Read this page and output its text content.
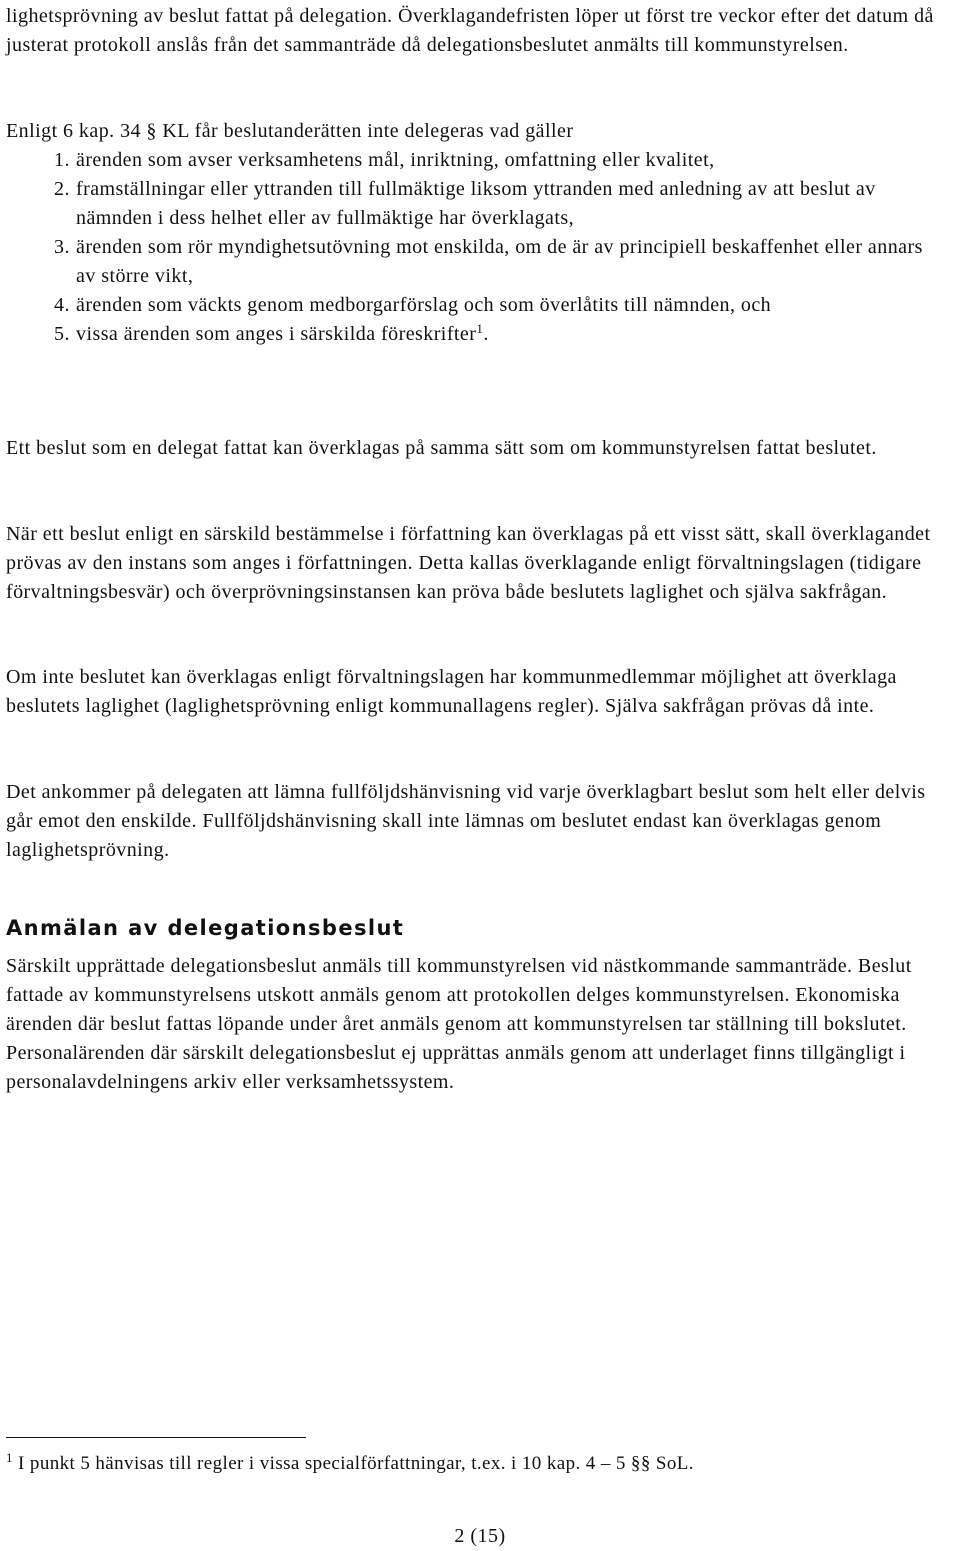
lighetsprövning av beslut fattat på delegation. Överklagandefristen löper ut först tre veckor efter det datum då justerat protokoll anslås från det sammanträde då delegationsbeslutet anmälts till kommunstyrelsen.

Enligt 6 kap. 34 § KL får beslutanderätten inte delegeras vad gäller

1. ärenden som avser verksamhetens mål, inriktning, omfattning eller kvalitet,
2. framställningar eller yttranden till fullmäktige liksom yttranden med anledning av att beslut av nämnden i dess helhet eller av fullmäktige har överklagats,
3. ärenden som rör myndighetsutövning mot enskilda, om de är av principiell beskaffenhet eller annars av större vikt,
4. ärenden som väckts genom medborgarförslag och som överlåtits till nämnden, och
5. vissa ärenden som anges i särskilda föreskrifter$^1$.

Ett beslut som en delegat fattat kan överklagas på samma sätt som om kommunstyrelsen fattat beslutet.

När ett beslut enligt en särskild bestämmelse i författning kan överklagas på ett visst sätt, skall överklagandet prövas av den instans som anges i författningen. Detta kallas överklagande enligt förvaltningslagen (tidigare förvaltningsbesvär) och överprövningsinstansen kan pröva både beslutets laglighet och själva sakfrågan.

Om inte beslutet kan överklagas enligt förvaltningslagen har kommunmedlemmar möjlighet att överklaga beslutets laglighet (laglighetsprövning enligt kommunallagens regler). Själva sakfrågan prövas då inte.

Det ankommer på delegaten att lämna fullföljdshänvisning vid varje överklagbart beslut som helt eller delvis går emot den enskilde. Fullföljdshänvisning skall inte lämnas om beslutet endast kan överklagas genom laglighetsprövning.

Anmälan av delegationsbeslut

Särskilt upprättade delegationsbeslut anmäls till kommunstyrelsen vid nästkommande sammanträde. Beslut fattade av kommunstyrelsens utskott anmäls genom att protokollen delges kommunstyrelsen. Ekonomiska ärenden där beslut fattas löpande under året anmäls genom att kommunstyrelsen tar ställning till bokslutet. Personalärenden där särskilt delegationsbeslut ej upprättas anmäls genom att underlaget finns tillgängligt i personalavdelningens arkiv eller verksamhetssystem.

$^1$ I punkt 5 hänvisas till regler i vissa specialförfattningar, t.ex. i 10 kap. 4 – 5 §§ SoL.

2 (15)
